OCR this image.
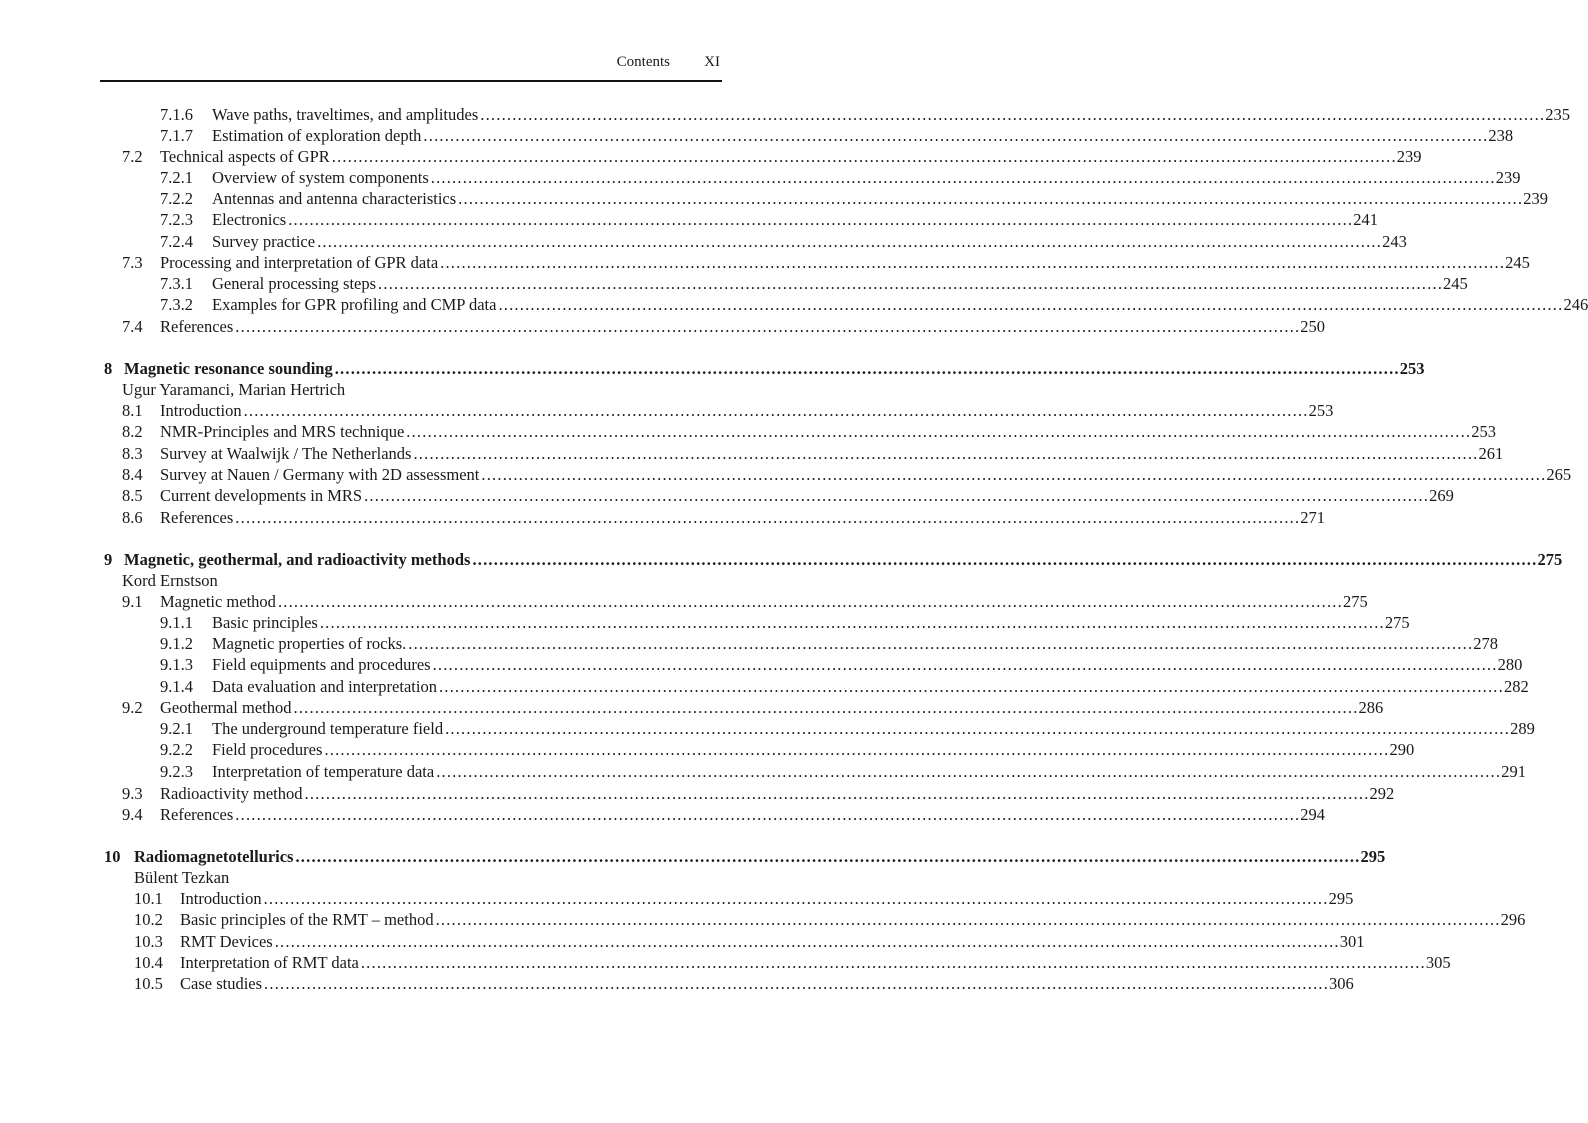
Contents XI
7.1.6 Wave paths, traveltimes, and amplitudes ........................................................................................................................................................................................................ 235
7.1.7 Estimation of exploration depth ........................................................................................................................................................................................................ 238
7.2 Technical aspects of GPR ........................................................................................................................................................................................................ 239
7.2.1 Overview of system components ........................................................................................................................................................................................................ 239
7.2.2 Antennas and antenna characteristics ........................................................................................................................................................................................................ 239
7.2.3 Electronics ........................................................................................................................................................................................................ 241
7.2.4 Survey practice ........................................................................................................................................................................................................ 243
7.3 Processing and interpretation of GPR data ........................................................................................................................................................................................................ 245
7.3.1 General processing steps ........................................................................................................................................................................................................ 245
7.3.2 Examples for GPR profiling and CMP data ........................................................................................................................................................................................................ 246
7.4 References ........................................................................................................................................................................................................ 250
8 Magnetic resonance sounding ........................................................................................................................................................................................................ 253
Ugur Yaramanci, Marian Hertrich
8.1 Introduction ........................................................................................................................................................................................................ 253
8.2 NMR-Principles and MRS technique ........................................................................................................................................................................................................ 253
8.3 Survey at Waalwijk / The Netherlands ........................................................................................................................................................................................................ 261
8.4 Survey at Nauen / Germany with 2D assessment ........................................................................................................................................................................................................ 265
8.5 Current developments in MRS ........................................................................................................................................................................................................ 269
8.6 References ........................................................................................................................................................................................................ 271
9 Magnetic, geothermal, and radioactivity methods ........................................................................................................................................................................................................ 275
Kord Ernstson
9.1 Magnetic method ........................................................................................................................................................................................................ 275
9.1.1 Basic principles ........................................................................................................................................................................................................ 275
9.1.2 Magnetic properties of rocks. ........................................................................................................................................................................................................ 278
9.1.3 Field equipments and procedures ........................................................................................................................................................................................................ 280
9.1.4 Data evaluation and interpretation ........................................................................................................................................................................................................ 282
9.2 Geothermal method ........................................................................................................................................................................................................ 286
9.2.1 The underground temperature field ........................................................................................................................................................................................................ 289
9.2.2 Field procedures ........................................................................................................................................................................................................ 290
9.2.3 Interpretation of temperature data ........................................................................................................................................................................................................ 291
9.3 Radioactivity method ........................................................................................................................................................................................................ 292
9.4 References ........................................................................................................................................................................................................ 294
10 Radiomagnetotellurics ........................................................................................................................................................................................................ 295
Bülent Tezkan
10.1 Introduction ........................................................................................................................................................................................................ 295
10.2 Basic principles of the RMT – method ........................................................................................................................................................................................................ 296
10.3 RMT Devices ........................................................................................................................................................................................................ 301
10.4 Interpretation of RMT data ........................................................................................................................................................................................................ 305
10.5 Case studies ........................................................................................................................................................................................................ 306
